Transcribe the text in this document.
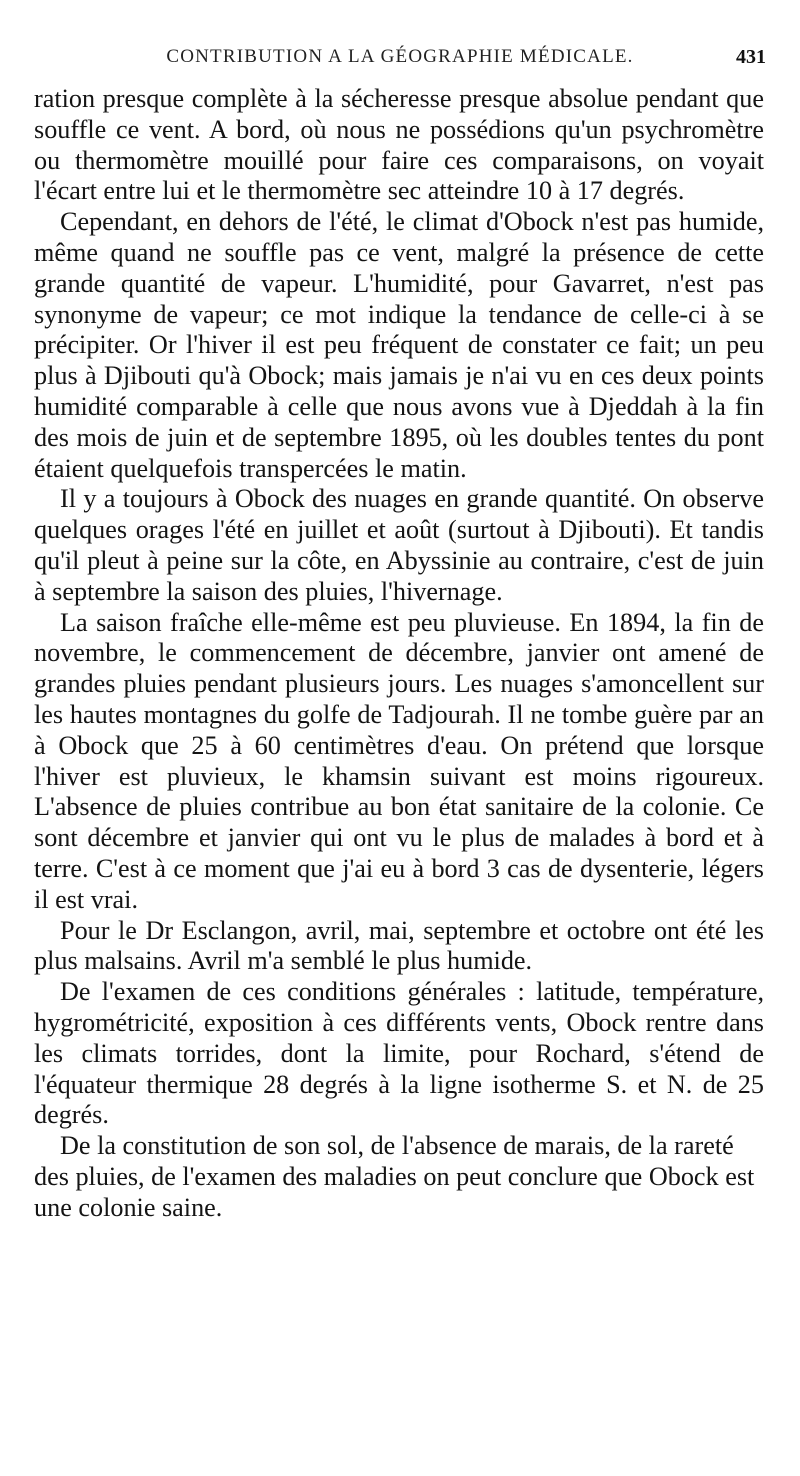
CONTRIBUTION A LA GÉOGRAPHIE MÉDICALE.	431

ration presque complète à la sécheresse presque absolue pendant que souffle ce vent. A bord, où nous ne possédions qu'un psychromètre ou thermomètre mouillé pour faire ces comparaisons, on voyait l'écart entre lui et le thermomètre sec atteindre 10 à 17 degrés.

Cependant, en dehors de l'été, le climat d'Obock n'est pas humide, même quand ne souffle pas ce vent, malgré la présence de cette grande quantité de vapeur. L'humidité, pour Gavarret, n'est pas synonyme de vapeur; ce mot indique la tendance de celle-ci à se précipiter. Or l'hiver il est peu fréquent de constater ce fait; un peu plus à Djibouti qu'à Obock; mais jamais je n'ai vu en ces deux points humidité comparable à celle que nous avons vue à Djeddah à la fin des mois de juin et de septembre 1895, où les doubles tentes du pont étaient quelquefois transpercées le matin.

Il y a toujours à Obock des nuages en grande quantité. On observe quelques orages l'été en juillet et août (surtout à Djibouti). Et tandis qu'il pleut à peine sur la côte, en Abyssinie au contraire, c'est de juin à septembre la saison des pluies, l'hivernage.

La saison fraîche elle-même est peu pluvieuse. En 1894, la fin de novembre, le commencement de décembre, janvier ont amené de grandes pluies pendant plusieurs jours. Les nuages s'amoncellent sur les hautes montagnes du golfe de Tadjourah. Il ne tombe guère par an à Obock que 25 à 60 centimètres d'eau. On prétend que lorsque l'hiver est pluvieux, le khamsin suivant est moins rigoureux. L'absence de pluies contribue au bon état sanitaire de la colonie. Ce sont décembre et janvier qui ont vu le plus de malades à bord et à terre. C'est à ce moment que j'ai eu à bord 3 cas de dysenterie, légers il est vrai.

Pour le Dr Esclangon, avril, mai, septembre et octobre ont été les plus malsains. Avril m'a semblé le plus humide.

De l'examen de ces conditions générales : latitude, température, hygrométricité, exposition à ces différents vents, Obock rentre dans les climats torrides, dont la limite, pour Rochard, s'étend de l'équateur thermique 28 degrés à la ligne isotherme S. et N. de 25 degrés.

De la constitution de son sol, de l'absence de marais, de la rareté des pluies, de l'examen des maladies on peut conclure que Obock est une colonie saine.
